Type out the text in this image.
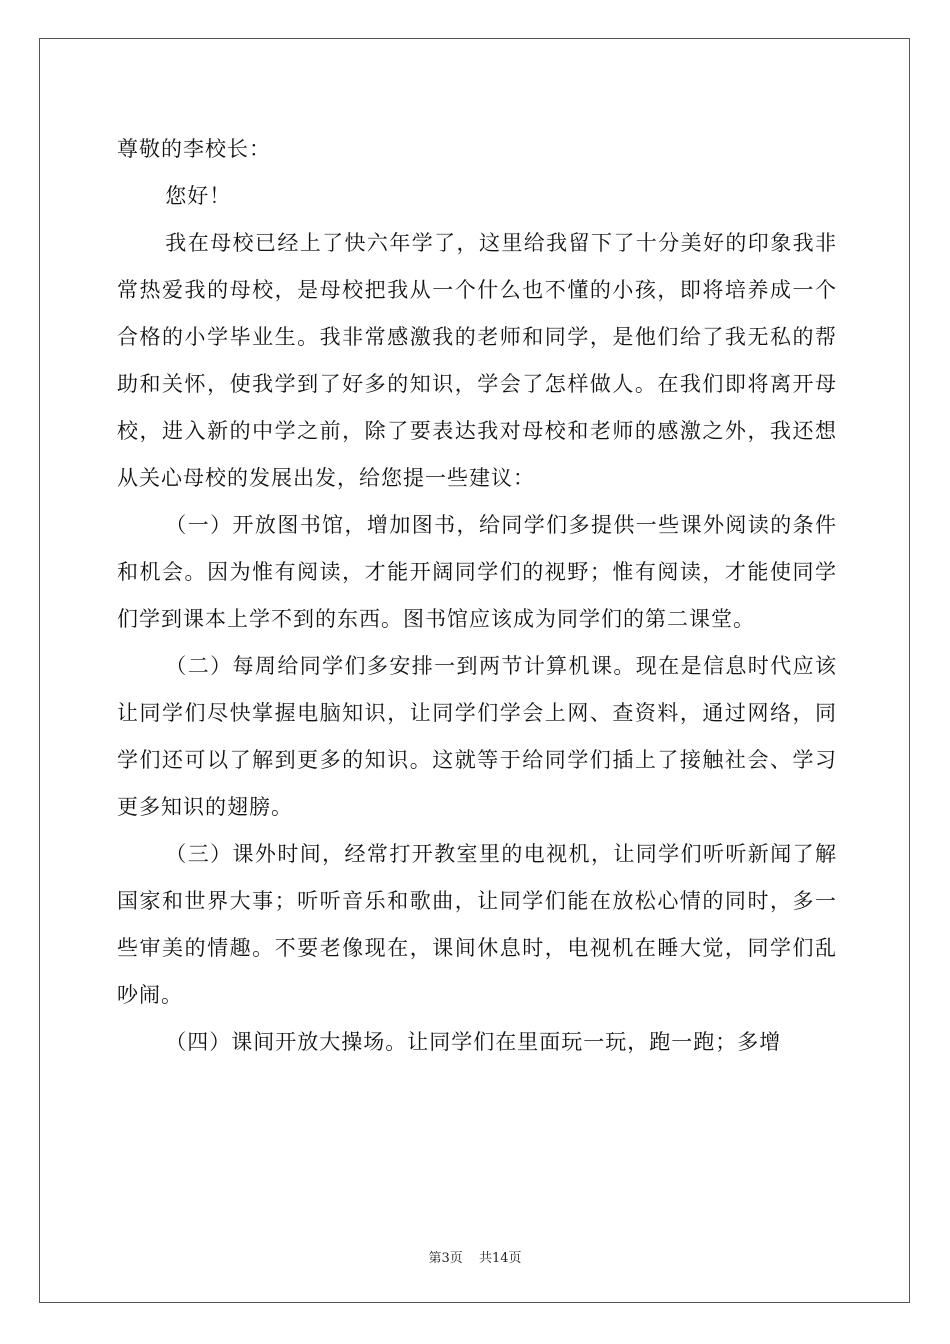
尊敬的李校长：

您好！

我在母校已经上了快六年学了，这里给我留下了十分美好的印象我非常热爱我的母校，是母校把我从一个什么也不懂的小孩，即将培养成一个合格的小学毕业生。我非常感激我的老师和同学，是他们给了我无私的帮助和关怀，使我学到了好多的知识，学会了怎样做人。在我们即将离开母校，进入新的中学之前，除了要表达我对母校和老师的感激之外，我还想从关心母校的发展出发，给您提一些建议：

（一）开放图书馆，增加图书，给同学们多提供一些课外阅读的条件和机会。因为惟有阅读，才能开阔同学们的视野；惟有阅读，才能使同学们学到课本上学不到的东西。图书馆应该成为同学们的第二课堂。

（二）每周给同学们多安排一到两节计算机课。现在是信息时代应该让同学们尽快掌握电脑知识，让同学们学会上网、查资料，通过网络，同学们还可以了解到更多的知识。这就等于给同学们插上了接触社会、学习更多知识的翅膀。

（三）课外时间，经常打开教室里的电视机，让同学们听听新闻了解国家和世界大事；听听音乐和歌曲，让同学们能在放松心情的同时，多一些审美的情趣。不要老像现在，课间休息时，电视机在睡大觉，同学们乱吵闹。

（四）课间开放大操场。让同学们在里面玩一玩，跑一跑；多增

第3页 共14页
